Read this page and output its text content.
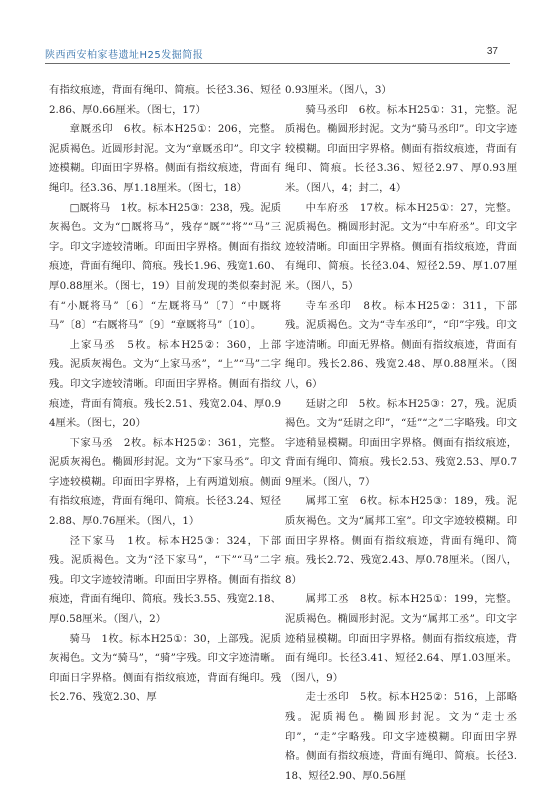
陕西西安柏家巷遗址H25发掘简报	37

有指纹痕迹，背面有绳印、简痕。长径3.36、短径2.86、厚0.66厘米。（图七，17）

章厩丞印　6枚。标本H25①：206，完整。泥质褐色。近圆形封泥。文为“章厩丞印”。印文字迹模糊。印面田字界格。侧面有指纹痕迹，背面有绳印。径3.36、厚1.18厘米。（图七，18）

□厩将马　1枚。标本H25③：238，残。泥质灰褐色。文为“□厩将马”，残存“厩”“将”“马”三字。印文字迹较清晰。印面田字界格。侧面有指纹痕迹，背面有绳印、简痕。残长1.96、残宽1.60、厚0.88厘米。（图七，19）目前发现的类似秦封泥有“小厩将马”〔6〕“左厩将马”〔7〕“中厩将马”〔8〕“右厩将马”〔9〕“章厩将马”〔10〕。

上家马丞　5枚。标本H25②：360，上部残。泥质灰褐色。文为“上家马丞”，“上”“马”二字残。印文字迹较清晰。印面田字界格。侧面有指纹痕迹，背面有简痕。残长2.51、残宽2.04、厚0.94厘米。（图七，20）

下家马丞　2枚。标本H25②：361，完整。泥质灰褐色。椭圆形封泥。文为“下家马丞”。印文字迹较模糊。印面田字界格，上有两道划痕。侧面有指纹痕迹，背面有绳印、简痕。长径3.24、短径2.88、厚0.76厘米。（图八，1）

泾下家马　1枚。标本H25③：324，下部残。泥质褐色。文为“泾下家马”，“下”“马”二字残。印文字迹较清晰。印面田字界格。侧面有指纹痕迹，背面有绳印、简痕。残长3.55、残宽2.18、厚0.58厘米。（图八，2）

骑马　1枚。标本H25①：30，上部残。泥质灰褐色。文为“骑马”，“骑”字残。印文字迹清晰。印面日字界格。侧面有指纹痕迹，背面有绳印。残长2.76、残宽2.30、厚

0.93厘米。（图八，3）

骑马丞印　6枚。标本H25①：31，完整。泥质褐色。椭圆形封泥。文为“骑马丞印”。印文字迹较模糊。印面田字界格。侧面有指纹痕迹，背面有绳印、简痕。长径3.36、短径2.97、厚0.93厘米。（图八，4；封二，4）

中车府丞　17枚。标本H25①：27，完整。泥质褐色。椭圆形封泥。文为“中车府丞”。印文字迹较清晰。印面田字界格。侧面有指纹痕迹，背面有绳印、简痕。长径3.04、短径2.59、厚1.07厘米。（图八，5）

寺车丞印　8枚。标本H25②：311，下部残。泥质褐色。文为“寺车丞印”，“印”字残。印文字迹清晰。印面无界格。侧面有指纹痕迹，背面有绳印。残长2.86、残宽2.48、厚0.88厘米。（图八，6）

廷尉之印　5枚。标本H25③：27，残。泥质褐色。文为“廷尉之印”，“廷”“之”二字略残。印文字迹稍显模糊。印面田字界格。侧面有指纹痕迹，背面有绳印、简痕。残长2.53、残宽2.53、厚0.79厘米。（图八，7）

属邦工室　6枚。标本H25③：189，残。泥质灰褐色。文为“属邦工室”。印文字迹较模糊。印面田字界格。侧面有指纹痕迹，背面有绳印、简痕。残长2.72、残宽2.43、厚0.78厘米。（图八，8）

属邦工丞　8枚。标本H25①：199，完整。泥质褐色。椭圆形封泥。文为“属邦工丞”。印文字迹稍显模糊。印面田字界格。侧面有指纹痕迹，背面有绳印。长径3.41、短径2.64、厚1.03厘米。（图八，9）

走士丞印　5枚。标本H25②：516，上部略残。泥质褐色。椭圆形封泥。文为“走士丞印”，“走”字略残。印文字迹模糊。印面田字界格。侧面有指纹痕迹，背面有绳印、简痕。长径3.18、短径2.90、厚0.56厘
